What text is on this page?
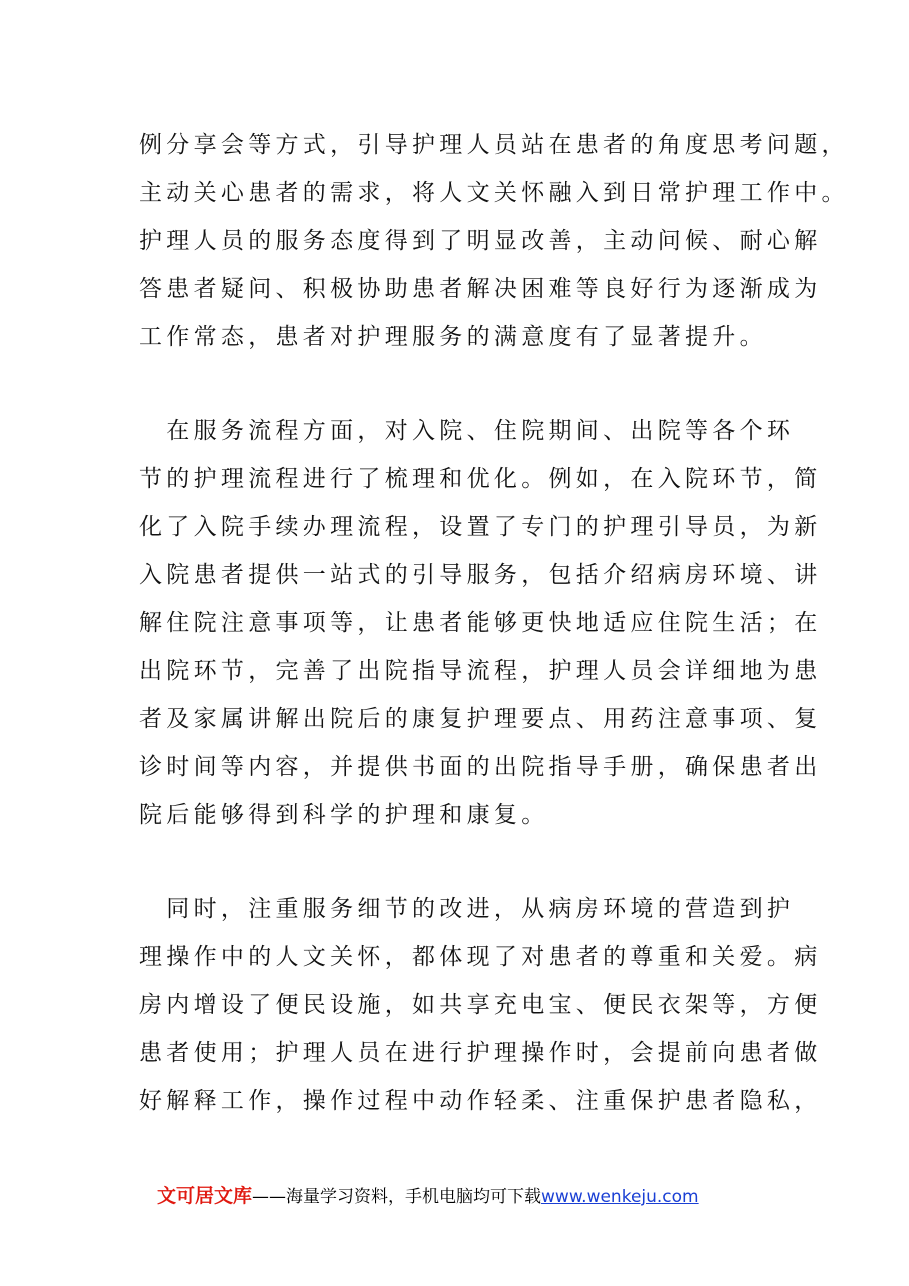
例分享会等方式，引导护理人员站在患者的角度思考问题，
主动关心患者的需求，将人文关怀融入到日常护理工作中。
护理人员的服务态度得到了明显改善，主动问候、耐心解
答患者疑问、积极协助患者解决困难等良好行为逐渐成为
工作常态，患者对护理服务的满意度有了显著提升。
　在服务流程方面，对入院、住院期间、出院等各个环
节的护理流程进行了梳理和优化。例如，在入院环节，简
化了入院手续办理流程，设置了专门的护理引导员，为新
入院患者提供一站式的引导服务，包括介绍病房环境、讲
解住院注意事项等，让患者能够更快地适应住院生活；在
出院环节，完善了出院指导流程，护理人员会详细地为患
者及家属讲解出院后的康复护理要点、用药注意事项、复
诊时间等内容，并提供书面的出院指导手册，确保患者出
院后能够得到科学的护理和康复。
　同时，注重服务细节的改进，从病房环境的营造到护
理操作中的人文关怀，都体现了对患者的尊重和关爱。病
房内增设了便民设施，如共享充电宝、便民衣架等，方便
患者使用；护理人员在进行护理操作时，会提前向患者做
好解释工作，操作过程中动作轻柔、注重保护患者隐私，
文可居文库——海量学习资料，手机电脑均可下载www.wenkeju.com
